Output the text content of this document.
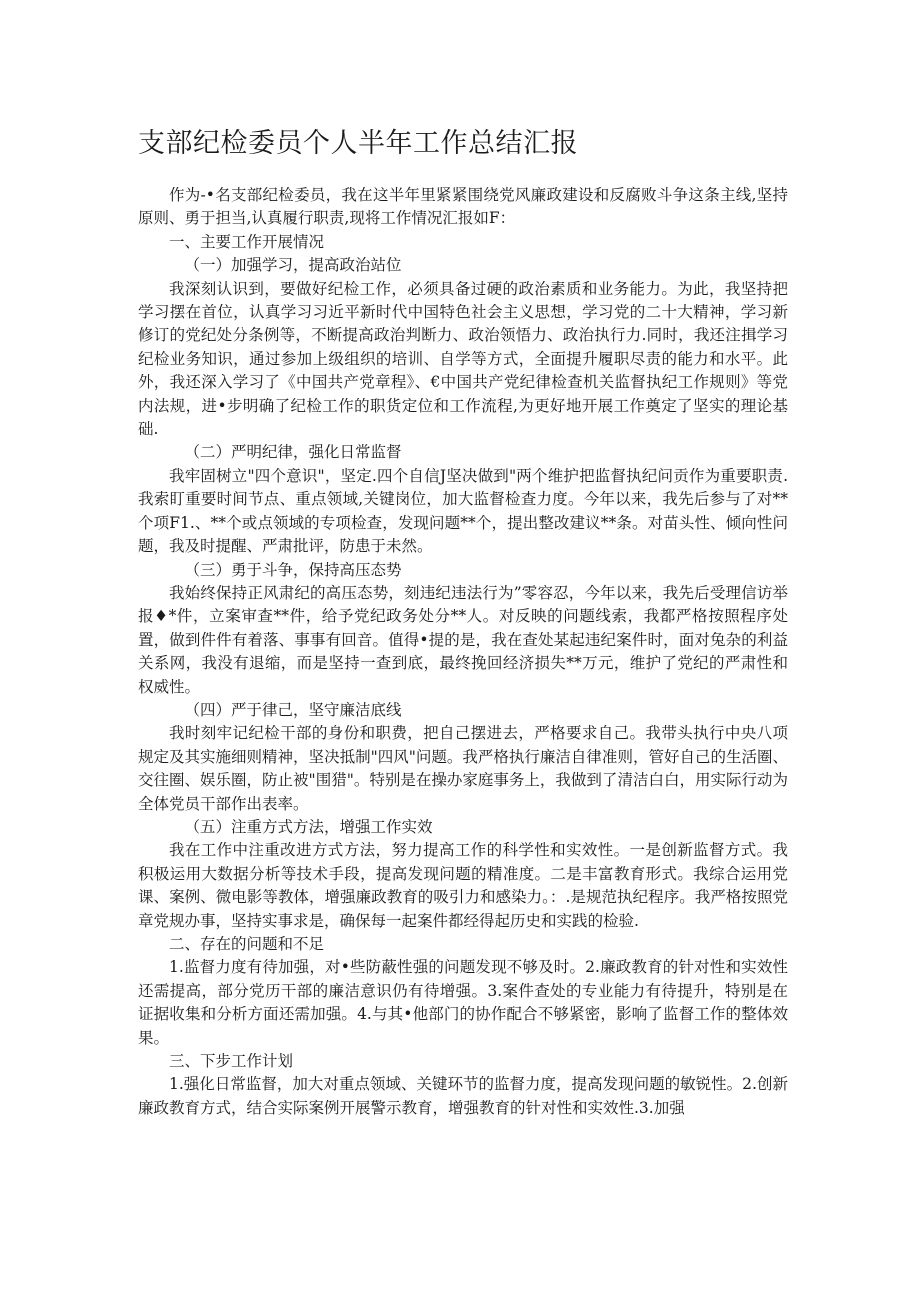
支部纪检委员个人半年工作总结汇报

作为-•名支部纪检委员，我在这半年里紧紧围绕党风廉政建设和反腐败斗争这条主线,坚持原则、勇于担当,认真履行职责,现将工作情况汇报如F：

一、主要工作开展情况

（一）加强学习，提高政治站位

我深刻认识到，要做好纪检工作，必须具备过硬的政治素质和业务能力。为此，我坚持把学习摆在首位，认真学习习近平新时代中国特色社会主义思想，学习党的二十大精神，学习新修订的党纪处分条例等，不断提高政治判断力、政治领悟力、政治执行力.同时，我还注揖学习纪检业务知识，通过参加上级组织的培训、自学等方式，全面提升履职尽责的能力和水平。此外，我还深入学习了《中国共产党章程》、€中国共产党纪律检查机关监督执纪工作规则》等党内法规，进•步明确了纪检工作的职货定位和工作流程,为更好地开展工作奠定了坚实的理论基础.

（二）严明纪律，强化日常监督

我牢固树立"四个意识"，坚定.四个自信J坚决做到"两个维护把监督执纪问贡作为重要职责.我索盯重要时间节点、重点领域,关键岗位，加大监督检查力度。今年以来，我先后参与了对**个项F1.、**个或点领域的专项检查，发现问题**个，提出整改建议**条。对苗头性、倾向性问题，我及时提醒、严肃批评，防患于未然。

（三）勇于斗争，保持高压态势

我始终保持正风肃纪的高压态势，刻违纪违法行为”零容忍，今年以来，我先后受理信访举报♦*件，立案审查**件，给予党纪政务处分**人。对反映的问题线索，我都严格按照程序处置，做到件件有着落、事事有回音。值得•提的是，我在查处某起违纪案件时，面对兔杂的利益关系网，我没有退缩，而是坚持一查到底，最终挽回经济损失**万元，维护了党纪的严肃性和权威性。

（四）严于律己，坚守廉洁底线

我时刻牢记纪检干部的身份和职费，把自己摆进去，严格要求自己。我带头执行中央八项规定及其实施细则精神，坚决抵制"四风"问题。我严格执行廉洁自律准则，管好自己的生活圈、交往圈、娱乐圈，防止被"围猎"。特别是在操办家庭事务上，我做到了清洁白白，用实际行动为全体党员干部作出表率。

（五）注重方式方法，增强工作实效

我在工作中注重改进方式方法，努力提高工作的科学性和实效性。一是创新监督方式。我积极运用大数据分析等技术手段，提高发现问题的精准度。二是丰富教育形式。我综合运用党课、案例、微电影等教体，增强廉政教育的吸引力和感染力。：.是规范执纪程序。我严格按照党章党规办事，坚持实事求是，确保每一起案件都经得起历史和实践的检验.

二、存在的问题和不足

1.监督力度有待加强，对•些防蔽性强的问题发现不够及时。2.廉政教育的针对性和实效性还需提高，部分党历干部的廉洁意识仍有待增强。3.案件查处的专业能力有待提升，特别是在证据收集和分析方面还需加强。4.与其•他部门的协作配合不够紧密，影响了监督工作的整体效果。

三、下步工作计划

1.强化日常监督，加大对重点领域、关键环节的监督力度，提高发现问题的敏锐性。2.创新廉政教育方式，结合实际案例开展警示教育，增强教育的针对性和实效性.3.加强
